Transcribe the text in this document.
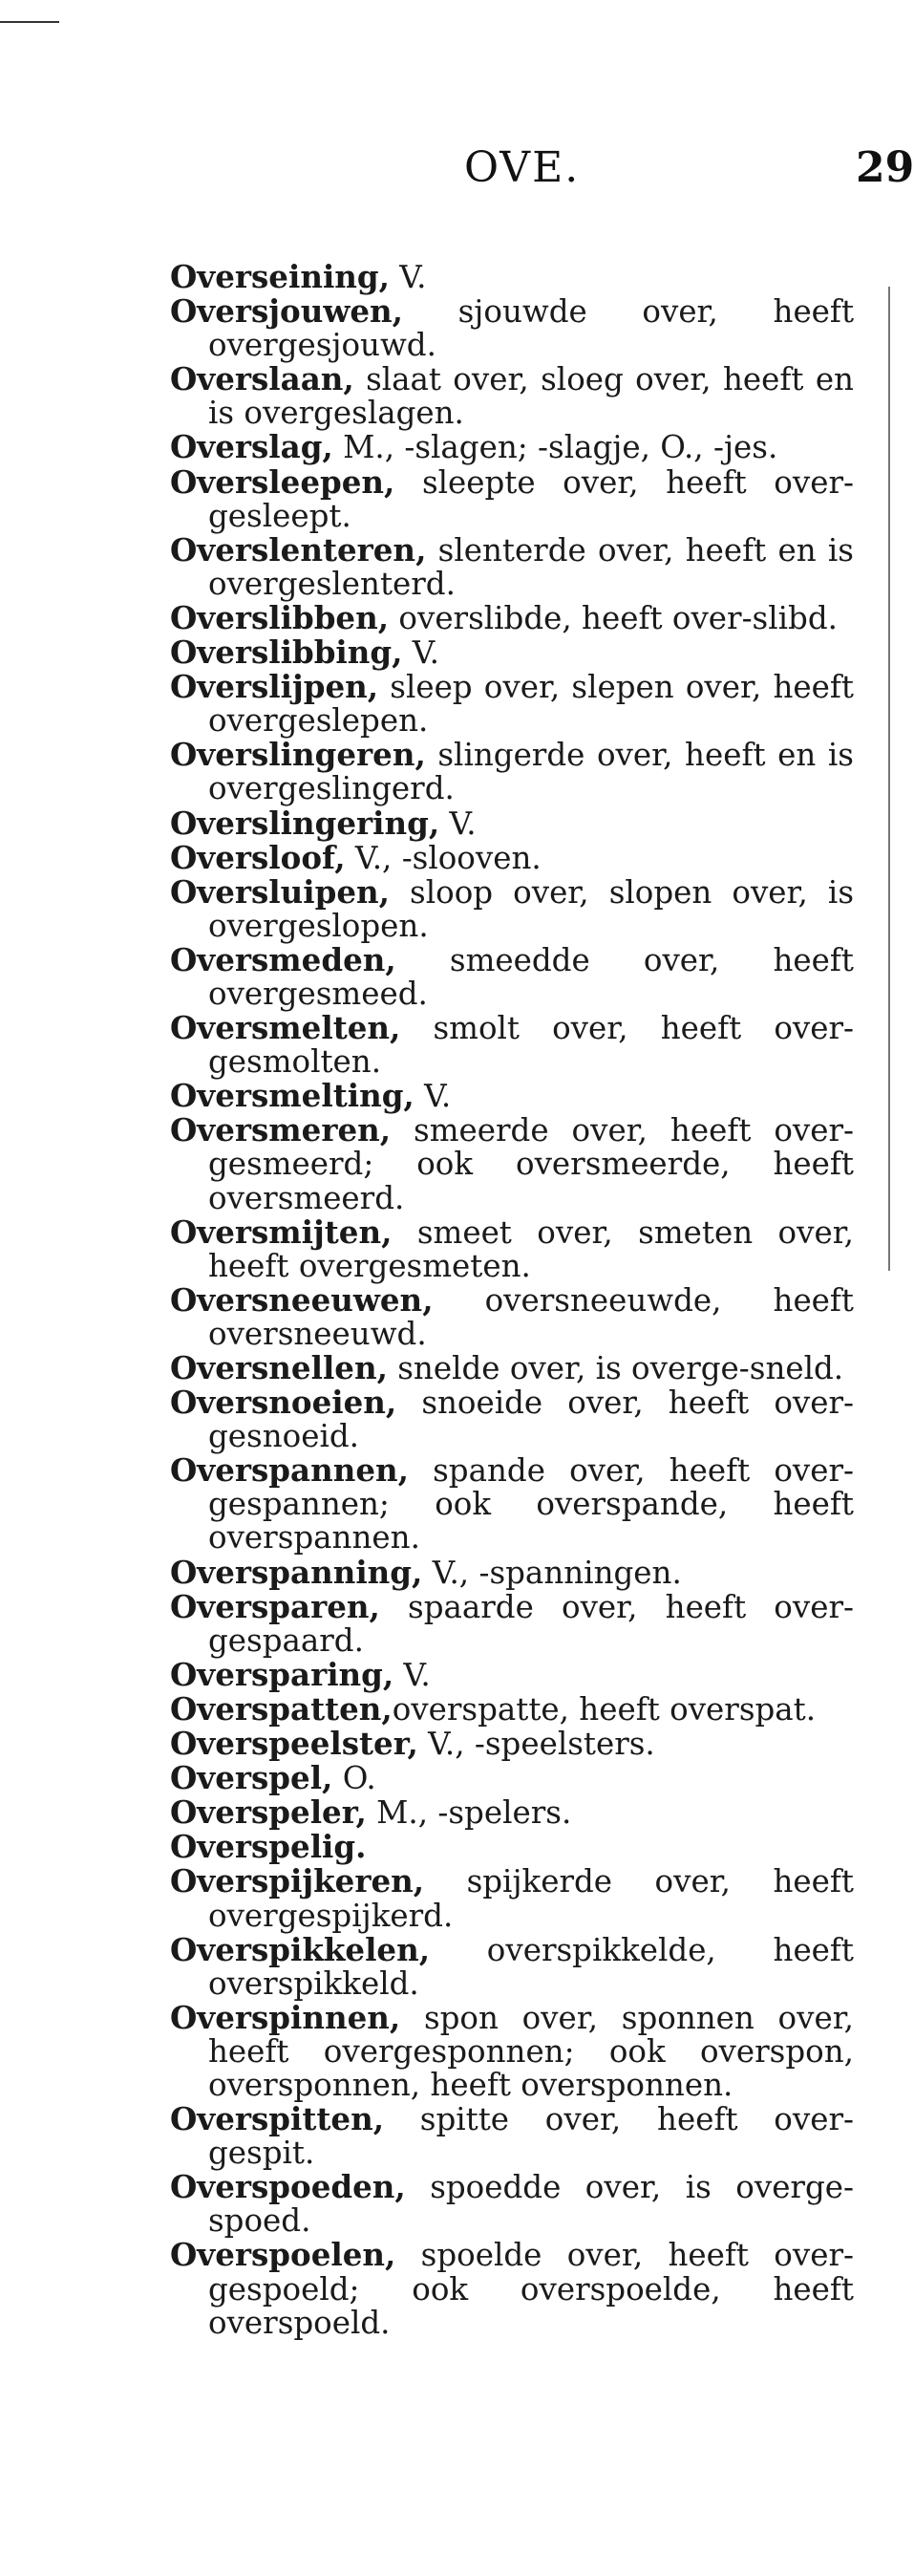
OVE.	29

Overseining, V.

Oversjouwen, sjouwde over, heeft overgesjouwd.

Overslaan, slaat over, sloeg over, heeft en is overgeslagen.

Overslag, M., -slagen; -slagje, O., -jes.

Oversleepen, sleepte over, heeft over-gesleept.

Overslenteren, slenterde over, heeft en is overgeslenterd.

Overslibben, overslibde, heeft over-slibd.

Overslibbing, V.

Overslijpen, sleep over, slepen over, heeft overgeslepen.

Overslingeren, slingerde over, heeft en is overgeslingerd.

Overslingering, V.

Oversloof, V., -slooven.

Oversluipen, sloop over, slopen over, is overgeslopen.

Oversmeden, smeedde over, heeft overgesmeed.

Oversmelten, smolt over, heeft over-gesmolten.

Oversmelting, V.

Oversmeren, smeerde over, heeft over-gesmeerd; ook oversmeerde, heeft oversmeerd.

Oversmijten, smeet over, smeten over, heeft overgesmeten.

Oversneeuwen, oversneeuwde, heeft oversneeuwd.

Oversnellen, snelde over, is overge-sneld.

Oversnoeien, snoeide over, heeft over-gesnoeid.

Overspannen, spande over, heeft over-gespannen; ook overspande, heeft overspannen.

Overspanning, V., -spanningen.

Oversparen, spaarde over, heeft over-gespaard.

Oversparing, V.

Overspatten,overspatte, heeft overspat.

Overspeelster, V., -speelsters.

Overspel, O.

Overspeler, M., -spelers.

Overspelig.

Overspijkeren, spijkerde over, heeft overgespijkerd.

Overspikkelen, overspikkelde, heeft overspikkeld.

Overspinnen, spon over, sponnen over, heeft overgesponnen; ook overspon, oversponnen, heeft oversponnen.

Overspitten, spitte over, heeft over-gespit.

Overspoeden, spoedde over, is overge-spoed.

Overspoelen, spoelde over, heeft over-gespoeld; ook overspoelde, heeft overspoeld.
